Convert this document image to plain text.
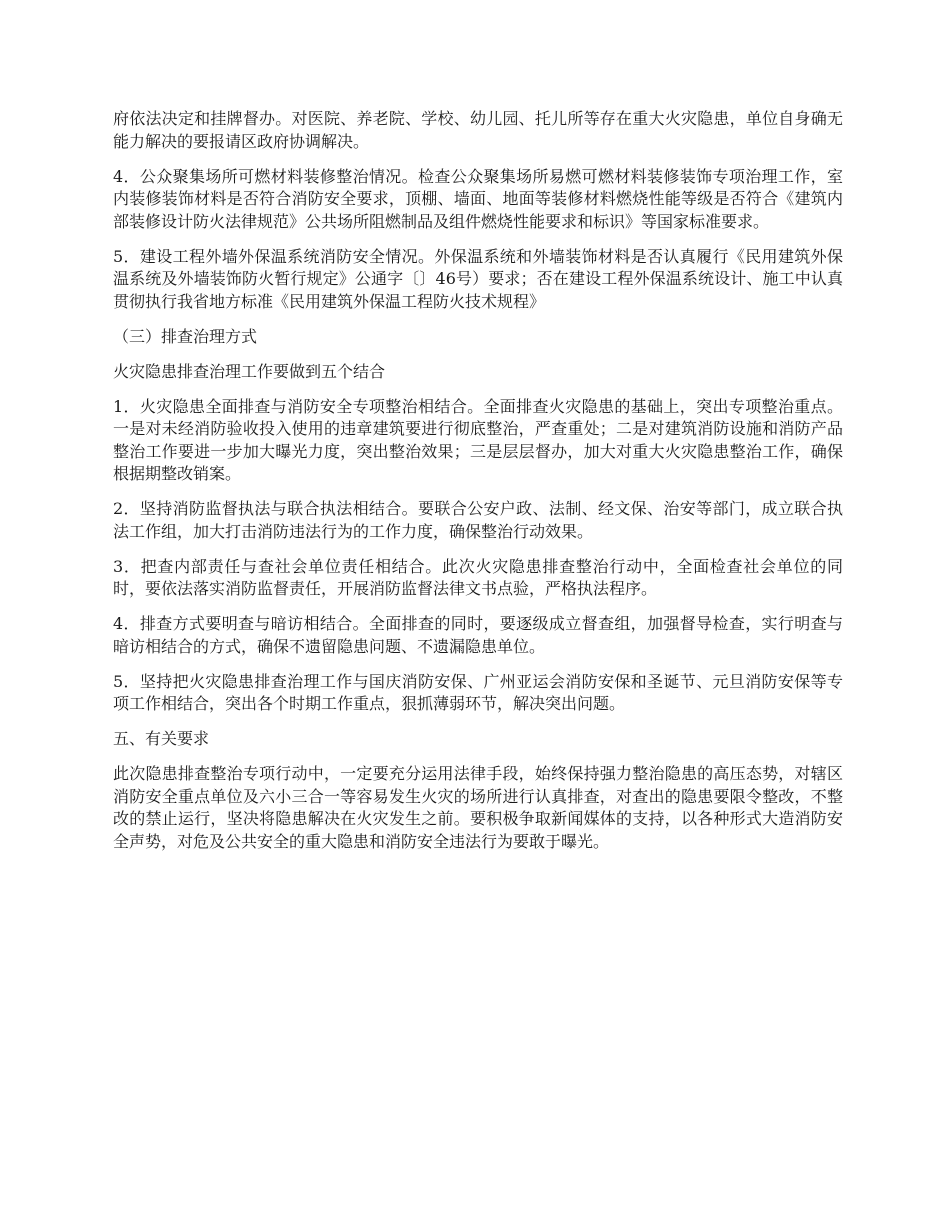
府依法决定和挂牌督办。对医院、养老院、学校、幼儿园、托儿所等存在重大火灾隐患，单位自身确无能力解决的要报请区政府协调解决。

4．公众聚集场所可燃材料装修整治情况。检查公众聚集场所易燃可燃材料装修装饰专项治理工作，室内装修装饰材料是否符合消防安全要求，顶棚、墙面、地面等装修材料燃烧性能等级是否符合《建筑内部装修设计防火法律规范》公共场所阻燃制品及组件燃烧性能要求和标识》等国家标准要求。

5．建设工程外墙外保温系统消防安全情况。外保温系统和外墙装饰材料是否认真履行《民用建筑外保温系统及外墙装饰防火暂行规定》公通字〔〕46号）要求；否在建设工程外保温系统设计、施工中认真贯彻执行我省地方标准《民用建筑外保温工程防火技术规程》

（三）排查治理方式

火灾隐患排查治理工作要做到五个结合

1．火灾隐患全面排查与消防安全专项整治相结合。全面排查火灾隐患的基础上，突出专项整治重点。一是对未经消防验收投入使用的违章建筑要进行彻底整治，严查重处；二是对建筑消防设施和消防产品整治工作要进一步加大曝光力度，突出整治效果；三是层层督办，加大对重大火灾隐患整治工作，确保根据期整改销案。

2．坚持消防监督执法与联合执法相结合。要联合公安户政、法制、经文保、治安等部门，成立联合执法工作组，加大打击消防违法行为的工作力度，确保整治行动效果。

3．把查内部责任与查社会单位责任相结合。此次火灾隐患排查整治行动中，全面检查社会单位的同时，要依法落实消防监督责任，开展消防监督法律文书点验，严格执法程序。

4．排查方式要明查与暗访相结合。全面排查的同时，要逐级成立督查组，加强督导检查，实行明查与暗访相结合的方式，确保不遗留隐患问题、不遗漏隐患单位。

5．坚持把火灾隐患排查治理工作与国庆消防安保、广州亚运会消防安保和圣诞节、元旦消防安保等专项工作相结合，突出各个时期工作重点，狠抓薄弱环节，解决突出问题。

五、有关要求

此次隐患排查整治专项行动中，一定要充分运用法律手段，始终保持强力整治隐患的高压态势，对辖区消防安全重点单位及六小三合一等容易发生火灾的场所进行认真排查，对查出的隐患要限令整改，不整改的禁止运行，坚决将隐患解决在火灾发生之前。要积极争取新闻媒体的支持，以各种形式大造消防安全声势，对危及公共安全的重大隐患和消防安全违法行为要敢于曝光。
